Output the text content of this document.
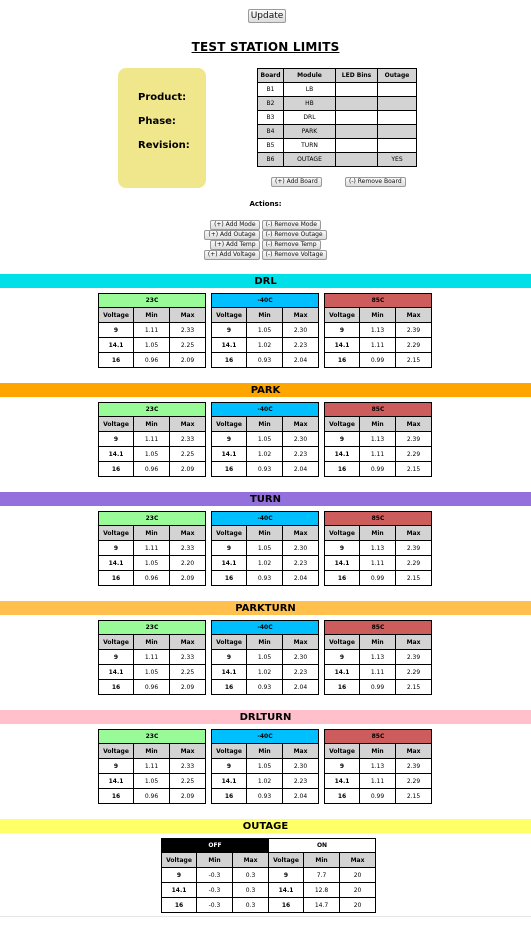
Update
TEST STATION LIMITS
Product:
Phase:
Revision:
Board	Module	LED Bins	Outage
B1	LB		
B2	HB		
B3	DRL		
B4	PARK		
B5	TURN		
B6	OUTAGE		YES
(+) Add Board	(-) Remove Board
Actions:
(+) Add Mode (-) Remove Mode
(+) Add Outage (-) Remove Outage
(+) Add Temp (-) Remove Temp
(+) Add Voltage (-) Remove Voltage
DRL
23C		
Voltage	Min	Max
9	1.11	2.33
14.1	1.05	2.25
16	0.96	2.09
-40C		
Voltage	Min	Max
9	1.05	2.30
14.1	1.02	2.23
16	0.93	2.04
85C		
Voltage	Min	Max
9	1.13	2.39
14.1	1.11	2.29
16	0.99	2.15
PARK
23C		
Voltage	Min	Max
9	1.11	2.33
14.1	1.05	2.25
16	0.96	2.09
-40C		
Voltage	Min	Max
9	1.05	2.30
14.1	1.02	2.23
16	0.93	2.04
85C		
Voltage	Min	Max
9	1.13	2.39
14.1	1.11	2.29
16	0.99	2.15
TURN
23C		
Voltage	Min	Max
9	1.11	2.33
14.1	1.05	2.20
16	0.96	2.09
-40C		
Voltage	Min	Max
9	1.05	2.30
14.1	1.02	2.23
16	0.93	2.04
85C		
Voltage	Min	Max
9	1.13	2.39
14.1	1.11	2.29
16	0.99	2.15
PARKTURN
23C		
Voltage	Min	Max
9	1.11	2.33
14.1	1.05	2.25
16	0.96	2.09
-40C		
Voltage	Min	Max
9	1.05	2.30
14.1	1.02	2.23
16	0.93	2.04
85C		
Voltage	Min	Max
9	1.13	2.39
14.1	1.11	2.29
16	0.99	2.15
DRLTURN
23C		
Voltage	Min	Max
9	1.11	2.33
14.1	1.05	2.25
16	0.96	2.09
-40C		
Voltage	Min	Max
9	1.05	2.30
14.1	1.02	2.23
16	0.93	2.04
85C		
Voltage	Min	Max
9	1.13	2.39
14.1	1.11	2.29
16	0.99	2.15
OUTAGE
OFF		
Voltage	Min	Max
9	-0.3	0.3
14.1	-0.3	0.3
16	-0.3	0.3
ON		
Voltage	Min	Max
9	7.7	20
14.1	12.8	20
16	14.7	20
